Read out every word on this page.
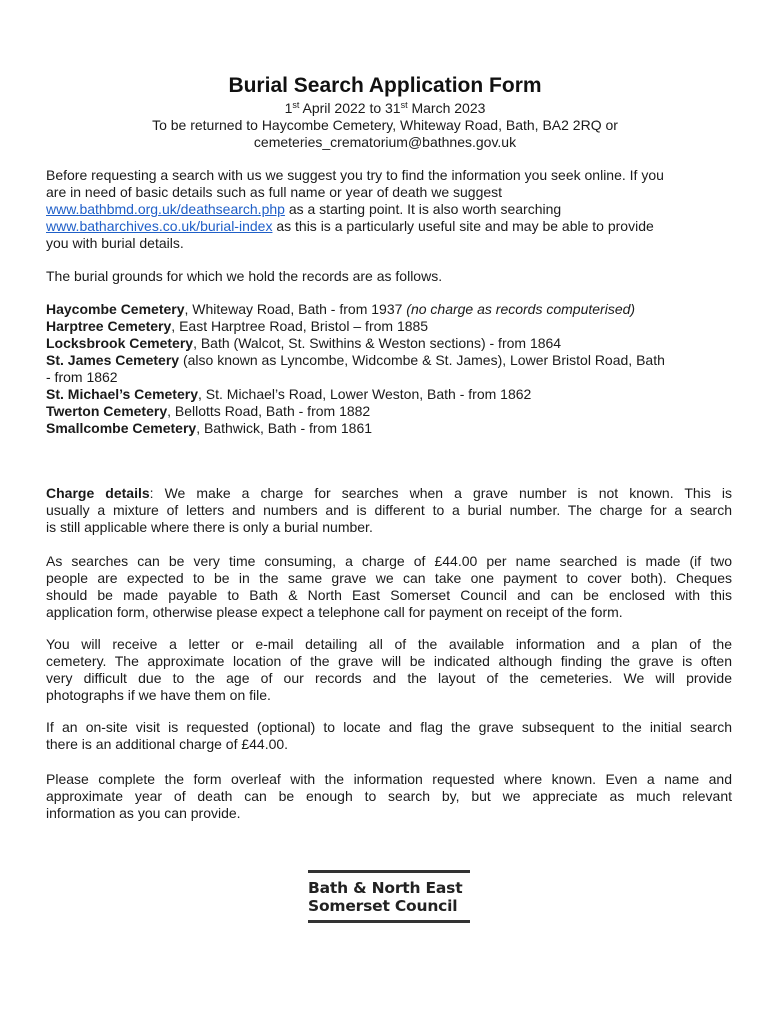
Burial Search Application Form
1st April 2022 to 31st March 2023
To be returned to Haycombe Cemetery, Whiteway Road, Bath, BA2 2RQ or
cemeteries_crematorium@bathnes.gov.uk
Before requesting a search with us we suggest you try to find the information you seek online. If you
are in need of basic details such as full name or year of death we suggest
www.bathbmd.org.uk/deathsearch.php as a starting point. It is also worth searching
www.batharchives.co.uk/burial-index as this is a particularly useful site and may be able to provide
you with burial details.
The burial grounds for which we hold the records are as follows.
Haycombe Cemetery, Whiteway Road, Bath - from 1937 (no charge as records computerised)
Harptree Cemetery, East Harptree Road, Bristol – from 1885
Locksbrook Cemetery, Bath (Walcot, St. Swithins & Weston sections) - from 1864
St. James Cemetery (also known as Lyncombe, Widcombe & St. James), Lower Bristol Road, Bath
- from 1862
St. Michael’s Cemetery, St. Michael’s Road, Lower Weston, Bath - from 1862
Twerton Cemetery, Bellotts Road, Bath - from 1882
Smallcombe Cemetery, Bathwick, Bath - from 1861
Charge details: We make a charge for searches when a grave number is not known. This is
usually a mixture of letters and numbers and is different to a burial number. The charge for a search
is still applicable where there is only a burial number.
As searches can be very time consuming, a charge of £44.00 per name searched is made (if two
people are expected to be in the same grave we can take one payment to cover both). Cheques
should be made payable to Bath & North East Somerset Council and can be enclosed with this
application form, otherwise please expect a telephone call for payment on receipt of the form.
You will receive a letter or e-mail detailing all of the available information and a plan of the
cemetery. The approximate location of the grave will be indicated although finding the grave is often
very difficult due to the age of our records and the layout of the cemeteries. We will provide
photographs if we have them on file.
If an on-site visit is requested (optional) to locate and flag the grave subsequent to the initial search
there is an additional charge of £44.00.
Please complete the form overleaf with the information requested where known. Even a name and
approximate year of death can be enough to search by, but we appreciate as much relevant
information as you can provide.
Bath & North East
Somerset Council
